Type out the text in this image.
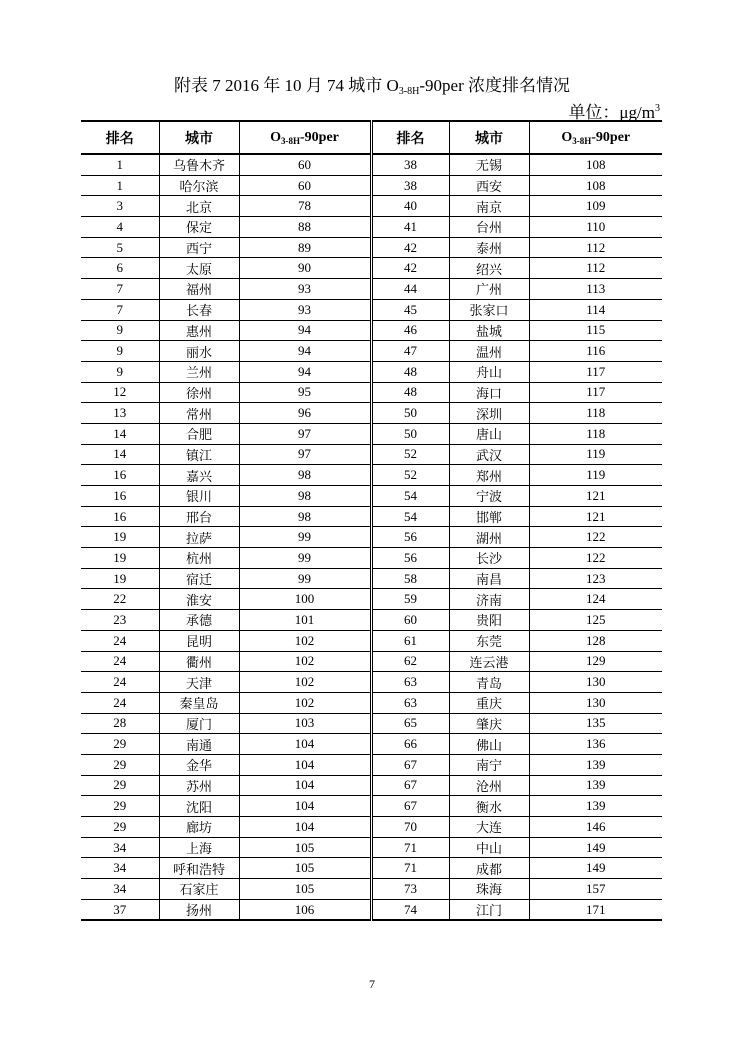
附表 7 2016 年 10 月 74 城市 $O_{3-8H}-90per$ 浓度排名情况
单位：$\mu g/m^3$
排名	城市	$O_{3-8H}-90per$	排名	城市	$O_{3-8H}-90per$
1	乌鲁木齐	60	38	无锡	108
1	哈尔滨	60	38	西安	108
3	北京	78	40	南京	109
4	保定	88	41	台州	110
5	西宁	89	42	泰州	112
6	太原	90	42	绍兴	112
7	福州	93	44	广州	113
7	长春	93	45	张家口	114
9	惠州	94	46	盐城	115
9	丽水	94	47	温州	116
9	兰州	94	48	舟山	117
12	徐州	95	48	海口	117
13	常州	96	50	深圳	118
14	合肥	97	50	唐山	118
14	镇江	97	52	武汉	119
16	嘉兴	98	52	郑州	119
16	银川	98	54	宁波	121
16	邢台	98	54	邯郸	121
19	拉萨	99	56	湖州	122
19	杭州	99	56	长沙	122
19	宿迁	99	58	南昌	123
22	淮安	100	59	济南	124
23	承德	101	60	贵阳	125
24	昆明	102	61	东莞	128
24	衢州	102	62	连云港	129
24	天津	102	63	青岛	130
24	秦皇岛	102	63	重庆	130
28	厦门	103	65	肇庆	135
29	南通	104	66	佛山	136
29	金华	104	67	南宁	139
29	苏州	104	67	沧州	139
29	沈阳	104	67	衡水	139
29	廊坊	104	70	大连	146
34	上海	105	71	中山	149
34	呼和浩特	105	71	成都	149
34	石家庄	105	73	珠海	157
37	扬州	106	74	江门	171
7
